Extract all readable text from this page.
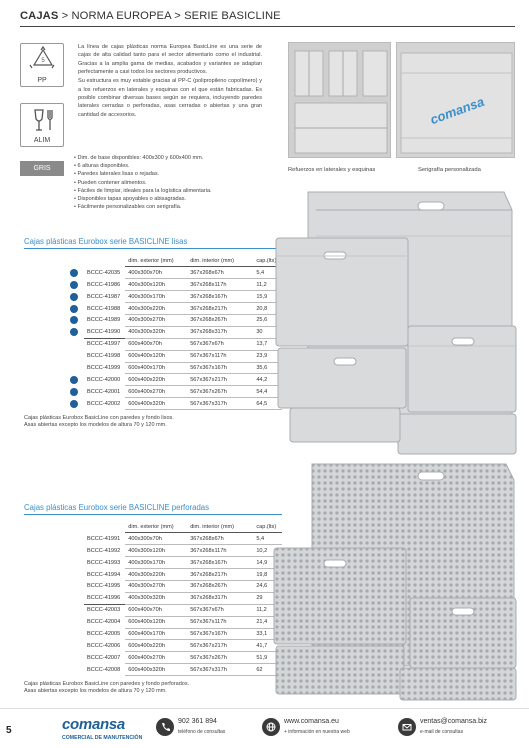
CAJAS > NORMA EUROPEA > SERIE BASICLINE
5
PP
ALIM
GRIS

La línea de cajas plásticas norma Europea BasicLine es una serie de cajas de alta calidad tanto para el sector alimentario como el industrial. Gracias a la amplia gama de medias, acabados y variantes se adaptan perfectamente a casi todos los sectores productivos.

Su estructura es muy estable gracias al PP-C (polipropileno copolímero) y a los refuerzos en laterales y esquinas con el que están fabricadas. Es posible combinar diversas bases según se requiera, incluyendo paredes laterales cerradas o perforadas, asas cerradas o abiertas y una gran cantidad de accesorios.

• Dim. de base disponibles: 400x300 y 600x400 mm.
• 6 alturas disponibles.
• Paredes laterales lisas o rejadas.
• Pueden contener alimentos.
• Fáciles de limpiar, ideales para la logística alimentaria.
• Disponibles tapas apoyables o abisagradas.
• Fácilmente personalizables con serigrafía.
Refuerzos en laterales y esquinas
comansa
Serigrafía personalizada
Cajas plásticas Eurobox serie BASICLINE lisas
	dim. exterior (mm)	dim. interior (mm)	cap.(lts)
BCCC-42035	400x300x70h	367x268x67h	5,4
BCCC-41986	400x300x120h	367x268x117h	11,2
BCCC-41987	400x300x170h	367x268x167h	15,9
BCCC-41988	400x300x220h	367x268x217h	20,8
BCCC-41989	400x300x270h	367x268x267h	25,6
BCCC-41990	400x300x320h	367x268x317h	30
BCCC-41997	600x400x70h	567x367x67h	13,7
BCCC-41998	600x400x120h	567x367x117h	23,9
BCCC-41999	600x400x170h	567x367x167h	35,6
BCCC-42000	600x400x220h	567x367x217h	44,2
BCCC-42001	600x400x270h	567x367x267h	54,4
BCCC-42002	600x400x320h	567x367x317h	64,5
Cajas plásticas Eurobox BasicLine con paredes y fondo lisos.
Asas abiertas excepto los modelos de altura 70 y 120 mm.
Cajas plásticas Eurobox serie BASICLINE perforadas
	dim. exterior (mm)	dim. interior (mm)	cap.(lts)
BCCC-41991	400x300x70h	367x268x67h	5,4
BCCC-41992	400x300x120h	367x268x117h	10,2
BCCC-41993	400x300x170h	367x268x167h	14,9
BCCC-41994	400x300x220h	367x268x217h	19,8
BCCC-41995	400x300x270h	367x268x267h	24,6
BCCC-41996	400x300x320h	367x268x317h	29
BCCC-42003	600x400x70h	567x367x67h	11,2
BCCC-42004	600x400x120h	567x367x117h	21,4
BCCC-42005	600x400x170h	567x367x167h	33,1
BCCC-42006	600x400x220h	567x367x217h	41,7
BCCC-42007	600x400x270h	567x367x267h	51,9
BCCC-42008	600x400x320h	567x367x317h	62
Cajas plásticas Eurobox BasicLine con paredes y fondo perforados.
Asas abiertas excepto los modelos de altura 70 y 120 mm.
5	comansa
COMERCIAL DE MANUTENCIÓN
902 361 894
teléfono de consultas
www.comansa.eu
+ información en nuestra web
ventas@comansa.biz
e-mail de consultas
